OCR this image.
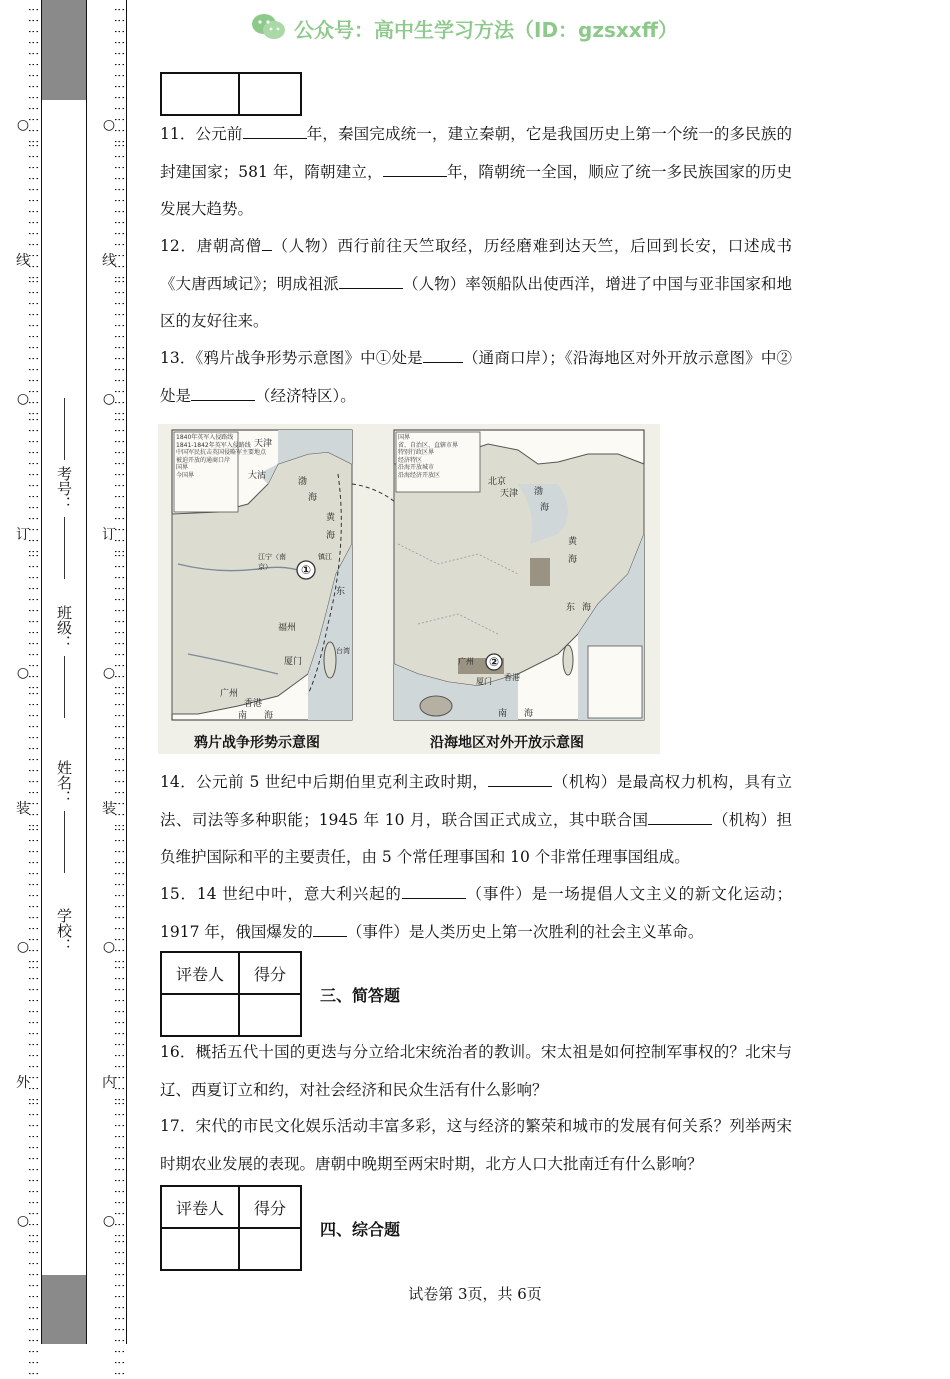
⋮⋮⋮⋮⋮⋮⋮⋮⋮⋮⋮⋮⋮
○
⋮⋮⋮⋮⋮⋮⋮⋮⋮⋮⋮⋮⋮
线
⋮⋮⋮⋮⋮⋮⋮⋮⋮⋮⋮⋮⋮
○
⋮⋮⋮⋮⋮⋮⋮⋮⋮⋮⋮⋮⋮
订
⋮⋮⋮⋮⋮⋮⋮⋮⋮⋮⋮⋮⋮
○
⋮⋮⋮⋮⋮⋮⋮⋮⋮⋮⋮⋮⋮
装
⋮⋮⋮⋮⋮⋮⋮⋮⋮⋮⋮⋮⋮
○
⋮⋮⋮⋮⋮⋮⋮⋮⋮⋮⋮⋮⋮
外
⋮⋮⋮⋮⋮⋮⋮⋮⋮⋮⋮⋮⋮
○
⋮⋮⋮⋮⋮⋮⋮⋮⋮⋮⋮⋮⋮
⋮⋮⋮⋮⋮⋮⋮⋮⋮⋮⋮⋮⋮
○
⋮⋮⋮⋮⋮⋮⋮⋮⋮⋮⋮⋮⋮
线
⋮⋮⋮⋮⋮⋮⋮⋮⋮⋮⋮⋮⋮
○
⋮⋮⋮⋮⋮⋮⋮⋮⋮⋮⋮⋮⋮
订
⋮⋮⋮⋮⋮⋮⋮⋮⋮⋮⋮⋮⋮
○
⋮⋮⋮⋮⋮⋮⋮⋮⋮⋮⋮⋮⋮
装
⋮⋮⋮⋮⋮⋮⋮⋮⋮⋮⋮⋮⋮
○
⋮⋮⋮⋮⋮⋮⋮⋮⋮⋮⋮⋮⋮
内
⋮⋮⋮⋮⋮⋮⋮⋮⋮⋮⋮⋮⋮
○
⋮⋮⋮⋮⋮⋮⋮⋮⋮⋮⋮⋮⋮
考号：
班级：
姓名：
学校：
公众号：高中生学习方法（ID：gzsxxff）

11．公元前	年，秦国完成统一，建立秦朝，它是我国历史上第一个统一的多民族的封建国家；581 年，隋朝建立，	年，隋朝统一全国，顺应了统一多民族国家的历史发展大趋势。
12．唐朝高僧 （人物）西行前往天竺取经，历经磨难到达天竺，后回到长安，口述成书《大唐西域记》；明成祖派	（人物）率领船队出使西洋，增进了中国与亚非国家和地区的友好往来。
13．《鸦片战争形势示意图》中①处是	（通商口岸）；《沿海地区对外开放示意图》中②处是	（经济特区）。
1840年英军入侵路线
1841-1842年英军入侵路线
中国军民抗击英国侵略军主要地点
被迫开放的通商口岸
国界
今国界
天津
大沽
渤
海
黄
海
①
江宁（南京）
镇江
东
福州
厦门
广州
香港
南 海
台湾
北京
天津 渤
海
黄
海
东 海
②
广州
香港
厦门
南 海
国界
省、自治区、直辖市界
特别行政区界
经济特区
沿海开放城市
沿海经济开放区
鸦片战争形势示意图	沿海地区对外开放示意图
14．公元前 5 世纪中后期伯里克利主政时期，	（机构）是最高权力机构，具有立法、司法等多种职能；1945 年 10 月，联合国正式成立，其中联合国	（机构）担负维护国际和平的主要责任，由 5 个常任理事国和 10 个非常任理事国组成。
15．14 世纪中叶，意大利兴起的	（事件）是一场提倡人文主义的新文化运动；1917 年，俄国爆发的 （事件）是人类历史上第一次胜利的社会主义革命。
评卷人	得分

三、简答题
16．概括五代十国的更迭与分立给北宋统治者的教训。宋太祖是如何控制军事权的？北宋与辽、西夏订立和约，对社会经济和民众生活有什么影响？
17．宋代的市民文化娱乐活动丰富多彩，这与经济的繁荣和城市的发展有何关系？列举两宋时期农业发展的表现。唐朝中晚期至两宋时期，北方人口大批南迁有什么影响？
评卷人	得分

四、综合题
试卷第 3页，共 6页
